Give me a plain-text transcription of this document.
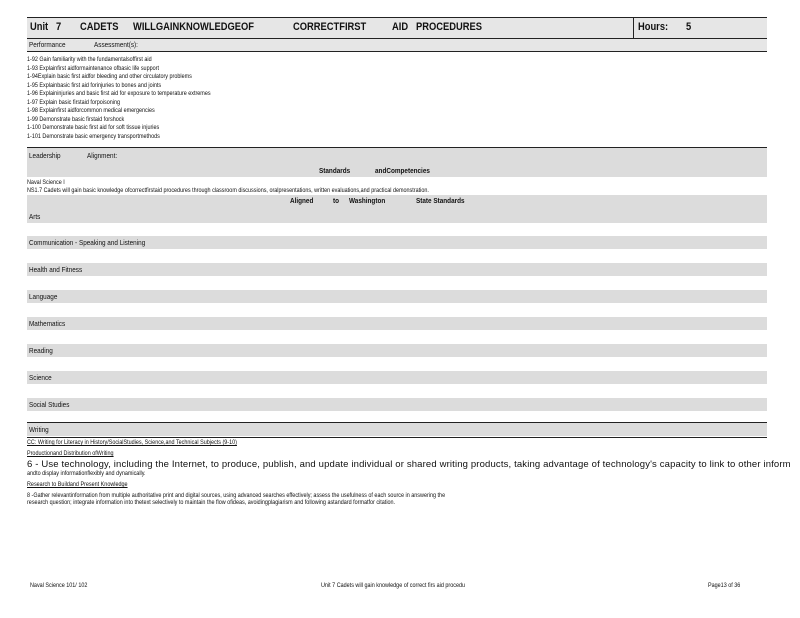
Unit 7 CADETS WILLGAINKNOWLEDGEOF	CORRECTFIRST AID PROCEDURES	Hours: 5
Performance	Assessment(s):
1-92 Gain familiarity with the fundamentalsoffirst aid
1-93 Explainfirst aidformaintenance ofbasic life support
1-94Explain basic first aidfor bleeding and other circulatory problems
1-95 Explainbasic first aid forinjuries to bones and joints
1-96 Explaininjuries and basic first aid for exposure to temperature extremes
1-97 Explain basic firstaid forpoisoning
1-98 Explainfirst aidforcommon medical emergencies
1-99 Demonstrate basic firstaid forshock
1-100 Demonstrate basic first aid for soft tissue injuries
1-101 Demonstrate basic emergency transportmethods
Leadership	Alignment:
Standards	andCompetencies
Naval Science I
NS1.7 Cadets will gain basic knowledge ofcorrectfirstaid procedures through classroom discussions, oralpresentations, written evaluations,and practical demonstration.
Aligned	to Washington	State Standards
Arts
Communication - Speaking and Listening
Health and Fitness
Language
Mathematics
Reading
Science
Social Studies
Writing
CC: Writing for Literacy in History/SocialStudies, Science,and Technical Subjects (9-10)
Productionand Distribution ofWriting
6 - Use technology, including the Internet, to produce, publish, and update individual or shared writing products, taking advantage of technology's capacity to link to other inform
andto display informationflexibly and dynamically.
Research to Buildand Present Knowledge
8 -Gather relevantinformation from multiple authoritative print and digital sources, using advanced searches effectively; assess the usefulness of each source in answering the
research question; integrate information into thetext selectively to maintain the flow ofideas, avoidingplagiarism and following astandard formatfor citation.
Naval Science 101/ 102	Unit 7 Cadets will gain knowledge of correct firs aid procedu	Page13 of 36
